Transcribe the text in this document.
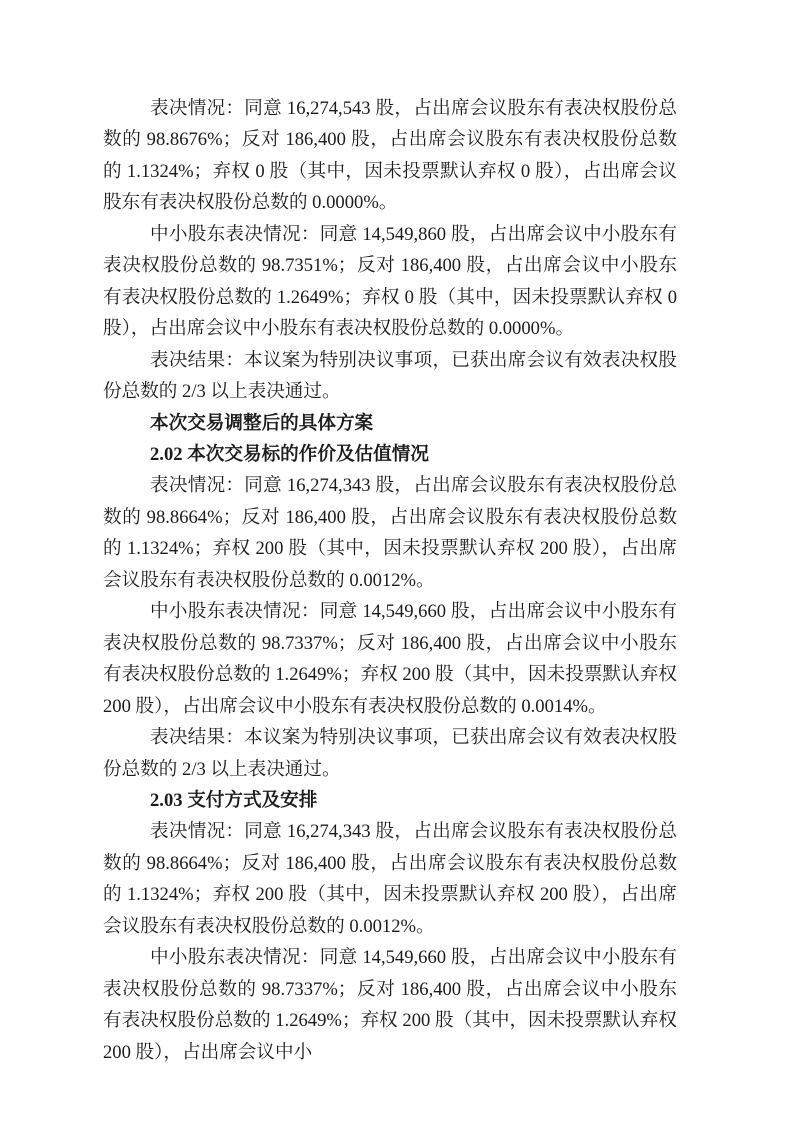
表决情况：同意 16,274,543 股，占出席会议股东有表决权股份总数的 98.8676%；反对 186,400 股，占出席会议股东有表决权股份总数的 1.1324%；弃权 0 股（其中，因未投票默认弃权 0 股），占出席会议股东有表决权股份总数的 0.0000%。

中小股东表决情况：同意 14,549,860 股，占出席会议中小股东有表决权股份总数的 98.7351%；反对 186,400 股，占出席会议中小股东有表决权股份总数的 1.2649%；弃权 0 股（其中，因未投票默认弃权 0 股），占出席会议中小股东有表决权股份总数的 0.0000%。

表决结果：本议案为特别决议事项，已获出席会议有效表决权股份总数的 2/3 以上表决通过。

本次交易调整后的具体方案

2.02 本次交易标的作价及估值情况

表决情况：同意 16,274,343 股，占出席会议股东有表决权股份总数的 98.8664%；反对 186,400 股，占出席会议股东有表决权股份总数的 1.1324%；弃权 200 股（其中，因未投票默认弃权 200 股），占出席会议股东有表决权股份总数的 0.0012%。

中小股东表决情况：同意 14,549,660 股，占出席会议中小股东有表决权股份总数的 98.7337%；反对 186,400 股，占出席会议中小股东有表决权股份总数的 1.2649%；弃权 200 股（其中，因未投票默认弃权 200 股），占出席会议中小股东有表决权股份总数的 0.0014%。

表决结果：本议案为特别决议事项，已获出席会议有效表决权股份总数的 2/3 以上表决通过。

2.03 支付方式及安排

表决情况：同意 16,274,343 股，占出席会议股东有表决权股份总数的 98.8664%；反对 186,400 股，占出席会议股东有表决权股份总数的 1.1324%；弃权 200 股（其中，因未投票默认弃权 200 股），占出席会议股东有表决权股份总数的 0.0012%。

中小股东表决情况：同意 14,549,660 股，占出席会议中小股东有表决权股份总数的 98.7337%；反对 186,400 股，占出席会议中小股东有表决权股份总数的 1.2649%；弃权 200 股（其中，因未投票默认弃权 200 股），占出席会议中小
